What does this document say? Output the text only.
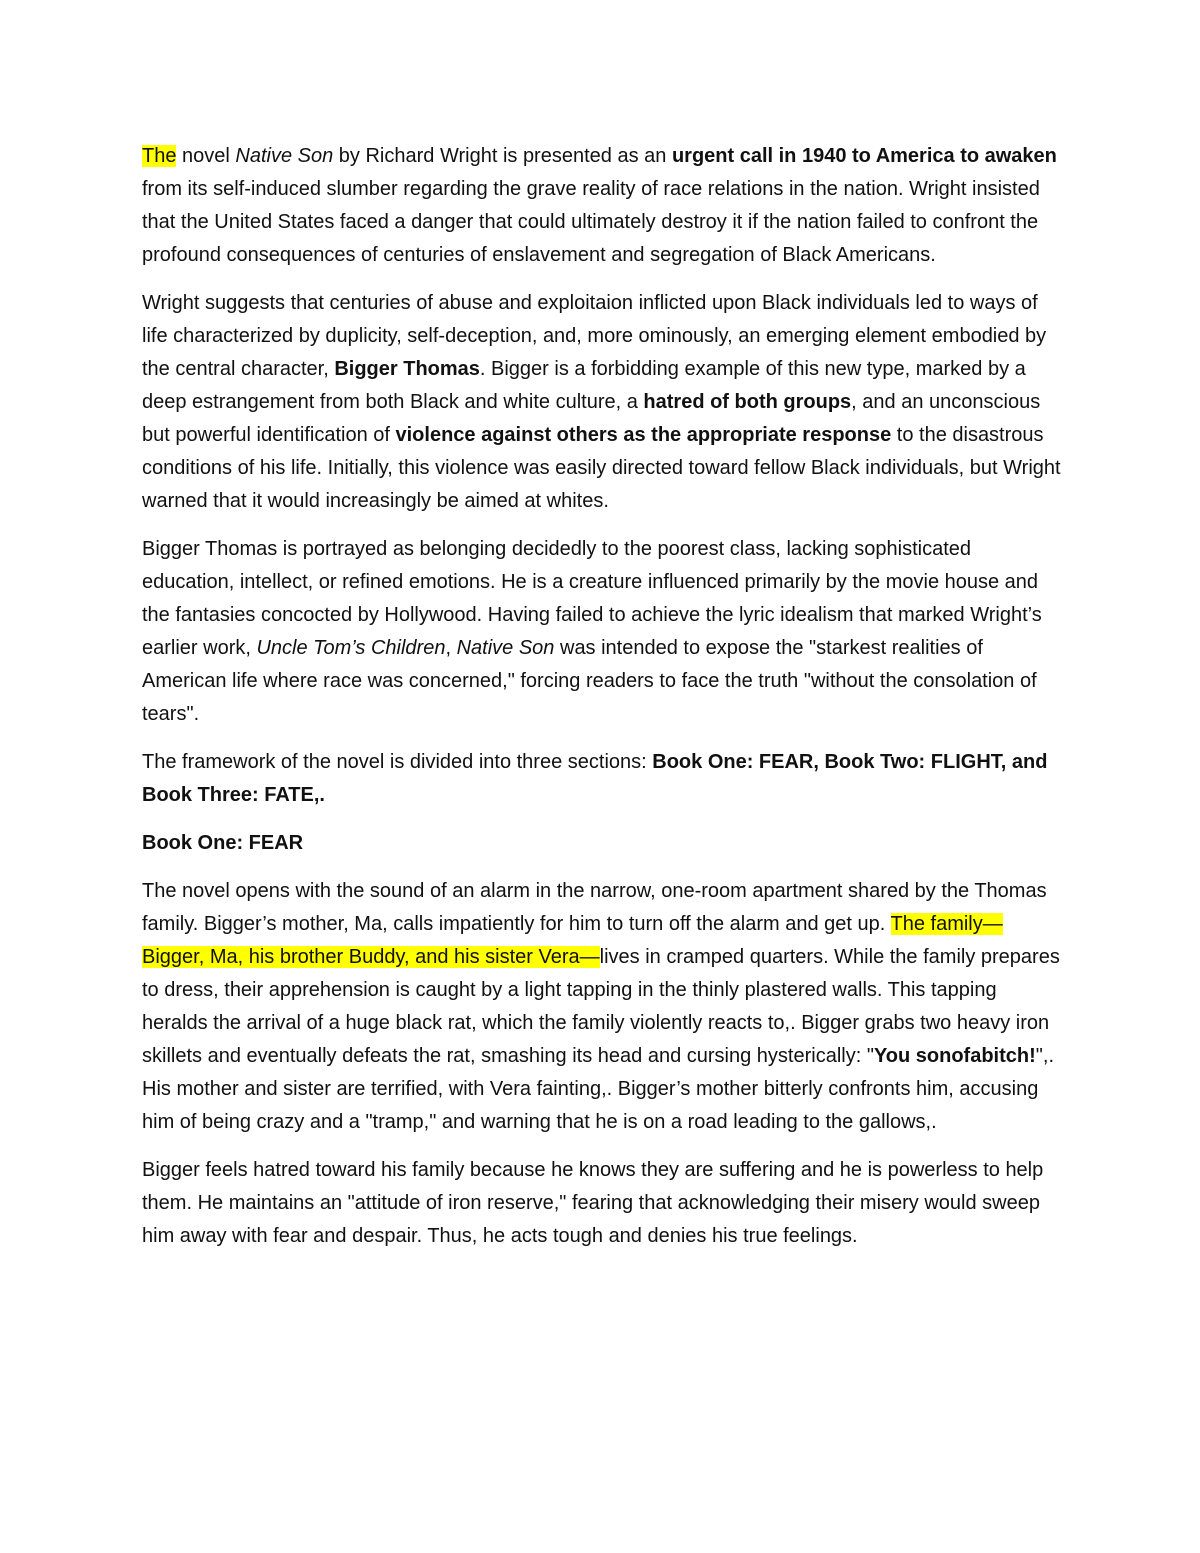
The novel Native Son by Richard Wright is presented as an urgent call in 1940 to America to awaken from its self-induced slumber regarding the grave reality of race relations in the nation. Wright insisted that the United States faced a danger that could ultimately destroy it if the nation failed to confront the profound consequences of centuries of enslavement and segregation of Black Americans.

Wright suggests that centuries of abuse and exploitaion inflicted upon Black individuals led to ways of life characterized by duplicity, self-deception, and, more ominously, an emerging element embodied by the central character, Bigger Thomas. Bigger is a forbidding example of this new type, marked by a deep estrangement from both Black and white culture, a hatred of both groups, and an unconscious but powerful identification of violence against others as the appropriate response to the disastrous conditions of his life. Initially, this violence was easily directed toward fellow Black individuals, but Wright warned that it would increasingly be aimed at whites.

Bigger Thomas is portrayed as belonging decidedly to the poorest class, lacking sophisticated education, intellect, or refined emotions. He is a creature influenced primarily by the movie house and the fantasies concocted by Hollywood. Having failed to achieve the lyric idealism that marked Wright’s earlier work, Uncle Tom’s Children, Native Son was intended to expose the "starkest realities of American life where race was concerned," forcing readers to face the truth "without the consolation of tears".

The framework of the novel is divided into three sections: Book One: FEAR, Book Two: FLIGHT, and Book Three: FATE,.

Book One: FEAR

The novel opens with the sound of an alarm in the narrow, one-room apartment shared by the Thomas family. Bigger’s mother, Ma, calls impatiently for him to turn off the alarm and get up. The family—Bigger, Ma, his brother Buddy, and his sister Vera—lives in cramped quarters. While the family prepares to dress, their apprehension is caught by a light tapping in the thinly plastered walls. This tapping heralds the arrival of a huge black rat, which the family violently reacts to,. Bigger grabs two heavy iron skillets and eventually defeats the rat, smashing its head and cursing hysterically: "You sonofabitch!",. His mother and sister are terrified, with Vera fainting,. Bigger’s mother bitterly confronts him, accusing him of being crazy and a "tramp," and warning that he is on a road leading to the gallows,.

Bigger feels hatred toward his family because he knows they are suffering and he is powerless to help them. He maintains an "attitude of iron reserve," fearing that acknowledging their misery would sweep him away with fear and despair. Thus, he acts tough and denies his true feelings.
